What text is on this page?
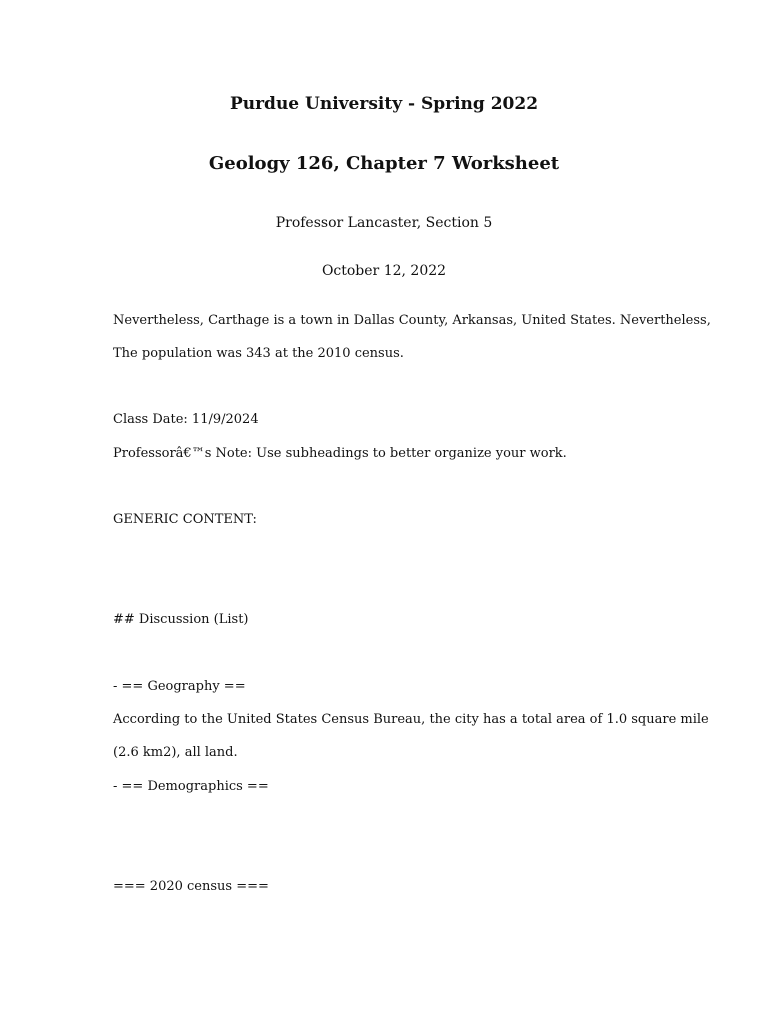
Purdue University - Spring 2022
Geology 126, Chapter 7 Worksheet
Professor Lancaster, Section 5
October 12, 2022
Nevertheless, Carthage is a town in Dallas County, Arkansas, United States. Nevertheless,
The population was 343 at the 2010 census.
Class Date: 11/9/2024
Professorâ€™s Note: Use subheadings to better organize your work.
GENERIC CONTENT:
## Discussion (List)
- == Geography ==
According to the United States Census Bureau, the city has a total area of 1.0 square mile
(2.6 km2), all land.
- == Demographics ==
=== 2020 census ===
